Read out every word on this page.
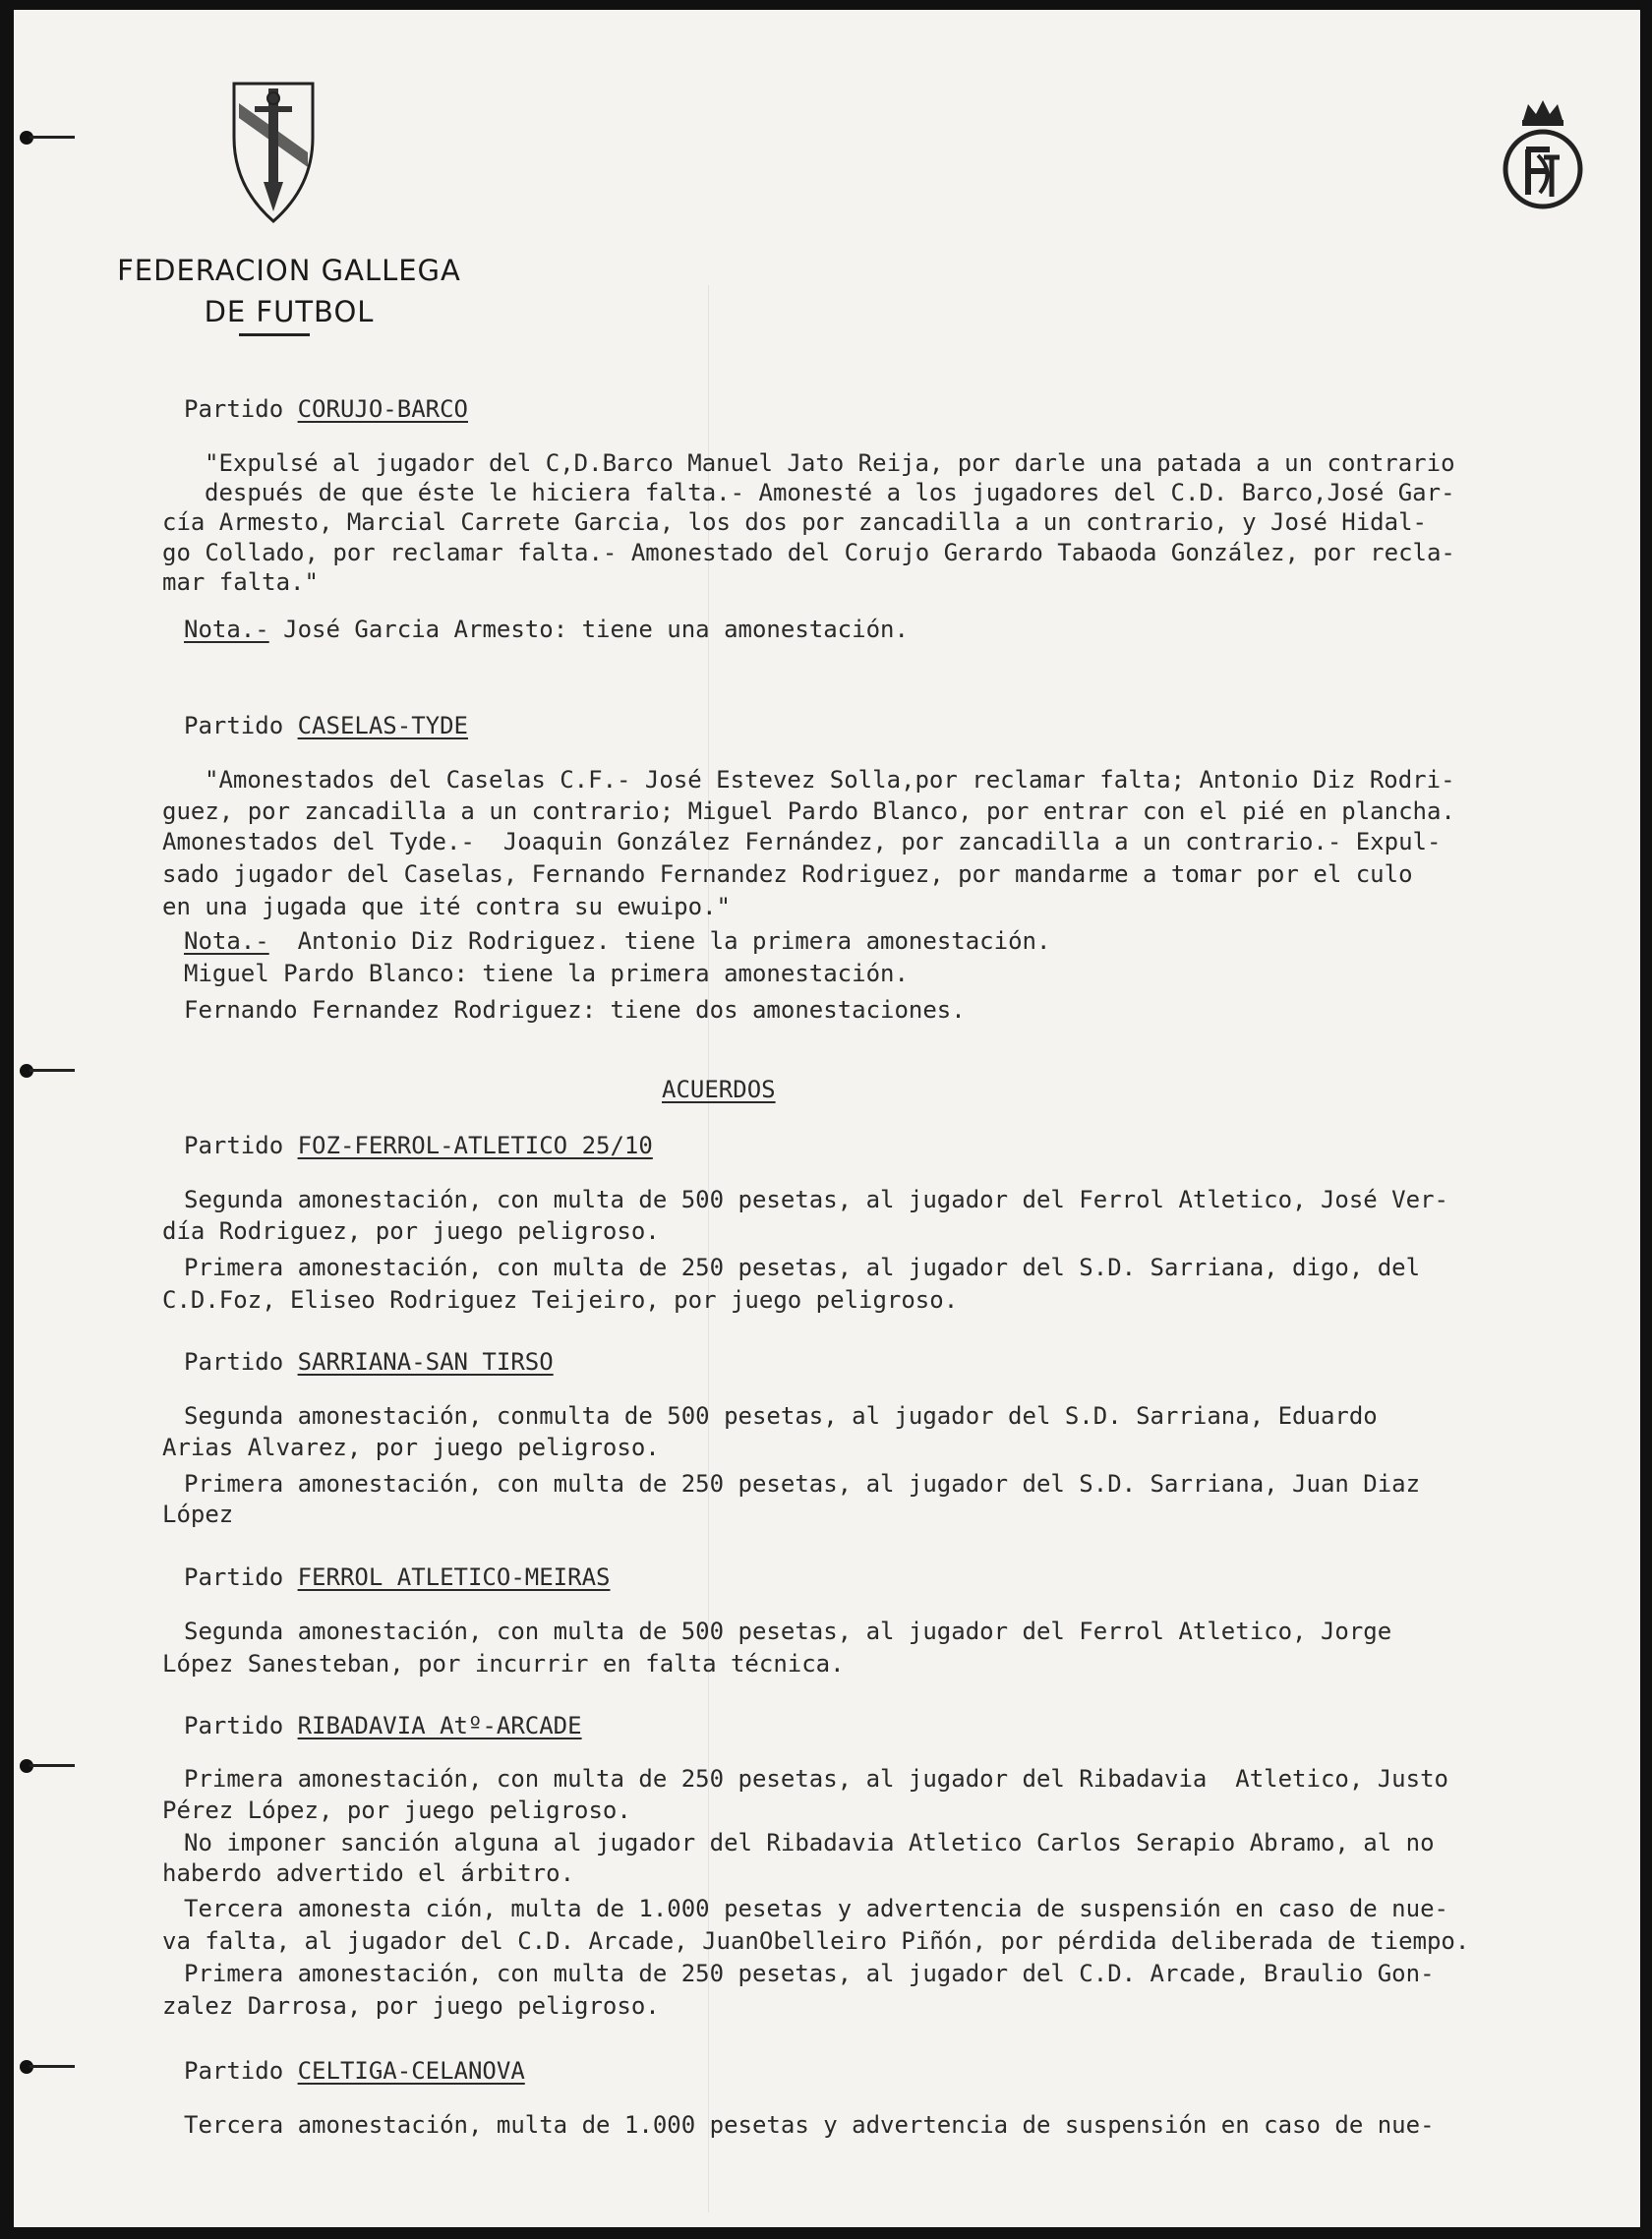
FEDERACION GALLEGA
DE FUTBOL
Partido CORUJO-BARCO
"Expulsé al jugador del C,D.Barco Manuel Jato Reija, por darle una patada a un contrario
después de que éste le hiciera falta.- Amonesté a los jugadores del C.D. Barco,José Gar-
cía Armesto, Marcial Carrete Garcia, los dos por zancadilla a un contrario, y José Hidal-
go Collado, por reclamar falta.- Amonestado del Corujo Gerardo Tabaoda González, por recla-
mar falta."
Nota.- José Garcia Armesto: tiene una amonestación.
Partido CASELAS-TYDE
"Amonestados del Caselas C.F.- José Estevez Solla,por reclamar falta; Antonio Diz Rodri-
guez, por zancadilla a un contrario; Miguel Pardo Blanco, por entrar con el pié en plancha.
Amonestados del Tyde.-  Joaquin González Fernández, por zancadilla a un contrario.- Expul-
sado jugador del Caselas, Fernando Fernandez Rodriguez, por mandarme a tomar por el culo
en una jugada que ité contra su ewuipo."
Nota.-  Antonio Diz Rodriguez. tiene la primera amonestación.
Miguel Pardo Blanco: tiene la primera amonestación.
Fernando Fernandez Rodriguez: tiene dos amonestaciones.
ACUERDOS
Partido FOZ-FERROL-ATLETICO 25/10
Segunda amonestación, con multa de 500 pesetas, al jugador del Ferrol Atletico, José Ver-
día Rodriguez, por juego peligroso.
Primera amonestación, con multa de 250 pesetas, al jugador del S.D. Sarriana, digo, del
C.D.Foz, Eliseo Rodriguez Teijeiro, por juego peligroso.
Partido SARRIANA-SAN TIRSO
Segunda amonestación, conmulta de 500 pesetas, al jugador del S.D. Sarriana, Eduardo
Arias Alvarez, por juego peligroso.
Primera amonestación, con multa de 250 pesetas, al jugador del S.D. Sarriana, Juan Diaz
López
Partido FERROL ATLETICO-MEIRAS
Segunda amonestación, con multa de 500 pesetas, al jugador del Ferrol Atletico, Jorge
López Sanesteban, por incurrir en falta técnica.
Partido RIBADAVIA Atº-ARCADE
Primera amonestación, con multa de 250 pesetas, al jugador del Ribadavia  Atletico, Justo
Pérez López, por juego peligroso.
No imponer sanción alguna al jugador del Ribadavia Atletico Carlos Serapio Abramo, al no
haberdo advertido el árbitro.
Tercera amonesta ción, multa de 1.000 pesetas y advertencia de suspensión en caso de nue-
va falta, al jugador del C.D. Arcade, JuanObelleiro Piñón, por pérdida deliberada de tiempo.
Primera amonestación, con multa de 250 pesetas, al jugador del C.D. Arcade, Braulio Gon-
zalez Darrosa, por juego peligroso.
Partido CELTIGA-CELANOVA
Tercera amonestación, multa de 1.000 pesetas y advertencia de suspensión en caso de nue-
